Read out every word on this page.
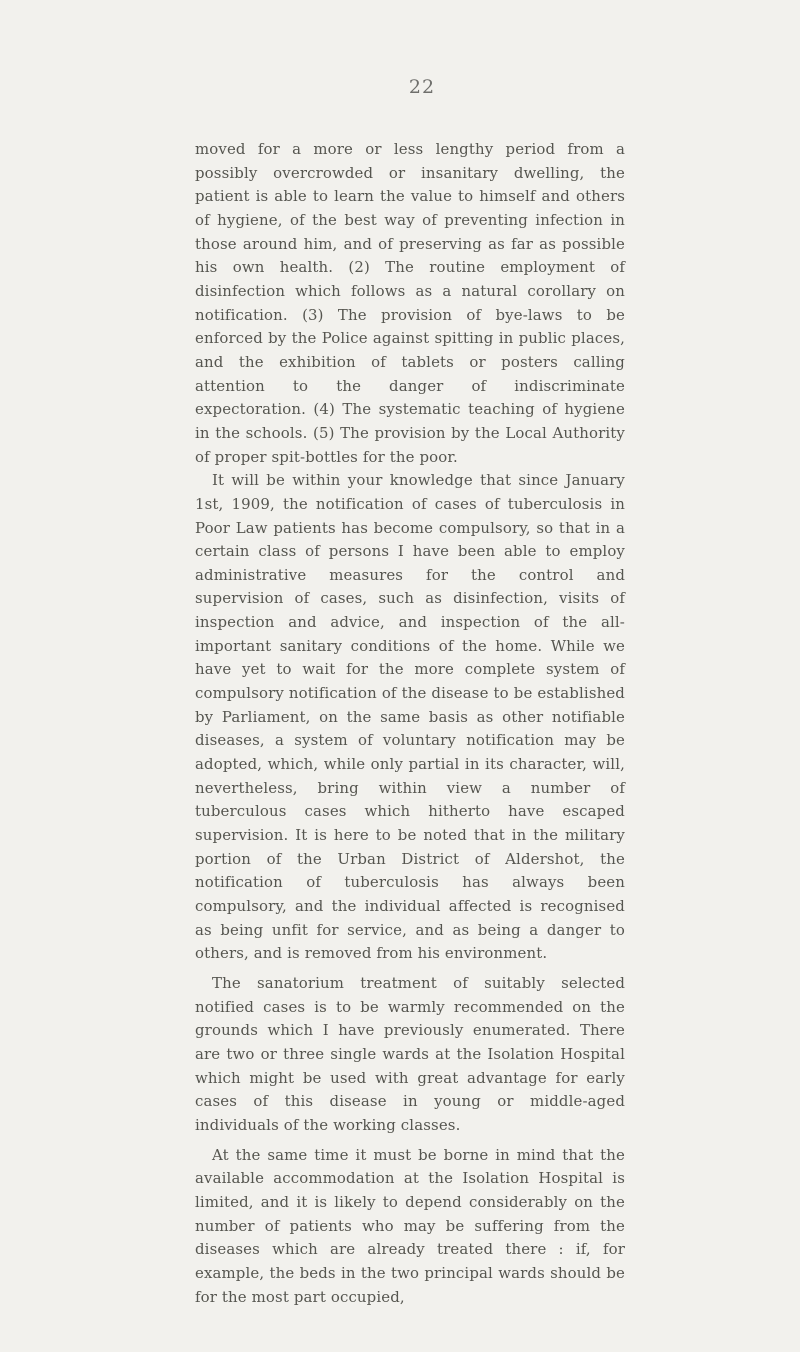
22

moved for a more or less lengthy period from a possibly overcrowded or insanitary dwelling, the patient is able to learn the value to himself and others of hygiene, of the best way of preventing infection in those around him, and of preserving as far as possible his own health. (2) The routine employment of disinfection which follows as a natural corollary on notification. (3) The provision of bye-laws to be enforced by the Police against spitting in public places, and the exhibition of tablets or posters calling attention to the danger of indiscriminate expectoration. (4) The systematic teaching of hygiene in the schools. (5) The provision by the Local Authority of proper spit-bottles for the poor.

It will be within your knowledge that since January 1st, 1909, the notification of cases of tuberculosis in Poor Law patients has become compulsory, so that in a certain class of persons I have been able to employ administrative measures for the control and supervision of cases, such as disinfection, visits of inspection and advice, and inspection of the all-important sanitary conditions of the home. While we have yet to wait for the more complete system of compulsory notification of the disease to be established by Parliament, on the same basis as other notifiable diseases, a system of voluntary notification may be adopted, which, while only partial in its character, will, nevertheless, bring within view a number of tuberculous cases which hitherto have escaped supervision. It is here to be noted that in the military portion of the Urban District of Aldershot, the notification of tuberculosis has always been compulsory, and the individual affected is recognised as being unfit for service, and as being a danger to others, and is removed from his environment.

The sanatorium treatment of suitably selected notified cases is to be warmly recommended on the grounds which I have previously enumerated. There are two or three single wards at the Isolation Hospital which might be used with great advantage for early cases of this disease in young or middle-aged individuals of the working classes.

At the same time it must be borne in mind that the available accommodation at the Isolation Hospital is limited, and it is likely to depend considerably on the number of patients who may be suffering from the diseases which are already treated there : if, for example, the beds in the two principal wards should be for the most part occupied,
